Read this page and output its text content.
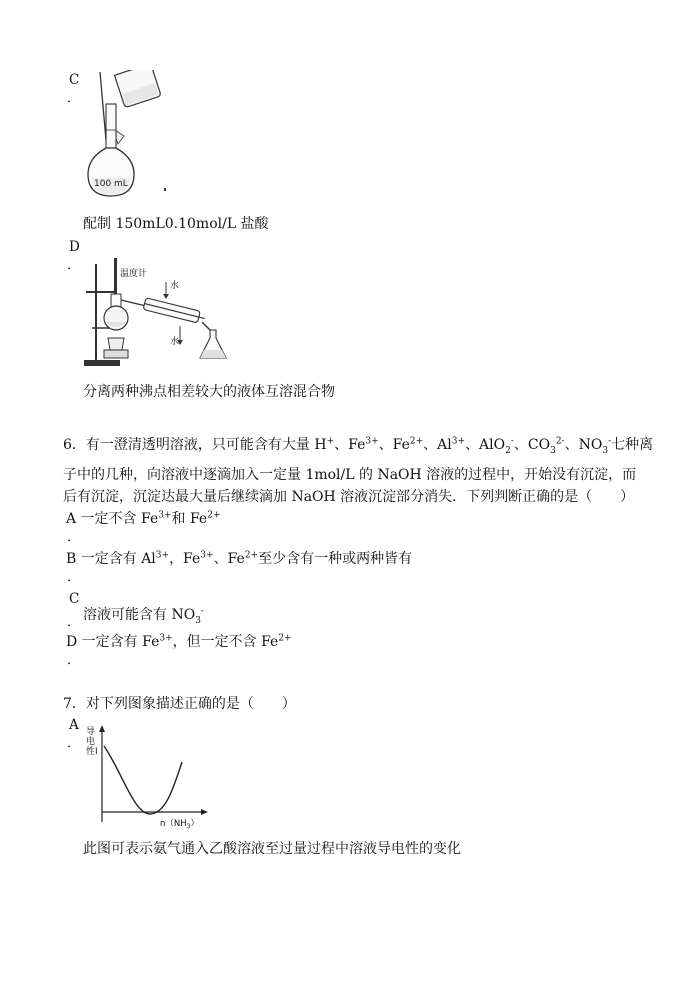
C
．
100 mL
配制 150mL0.10mol/L 盐酸
D
．
温度计
水
水
分离两种沸点相差较大的液体互溶混合物
6．有一澄清透明溶液，只可能含有大量 H+、$Fe^{3+}$、$Fe^{2+}$、$Al^{3+}$、AlO$_2$-、$CO_3^{2-}$、$NO_3^-$七种离
子中的几种，向溶液中逐滴加入一定量 1mol/L 的 NaOH 溶液的过程中，开始没有沉淀，而
后有沉淀，沉淀达最大量后继续滴加 NaOH 溶液沉淀部分消失．下列判断正确的是（　　）
A 一定不含 $Fe^{3+}$和 $Fe^{2+}$
．
B 一定含有 $Al^{3+}$，$Fe^{3+}$、$Fe^{2+}$至少含有一种或两种皆有
．
C
溶液可能含有 $NO_3^-$
．
D 一定含有 $Fe^{3+}$，但一定不含 $Fe^{2+}$
．
7．对下列图象描述正确的是（　　）
A
．
导电性 I
$n(NH_3)$
此图可表示氨气通入乙酸溶液至过量过程中溶液导电性的变化
